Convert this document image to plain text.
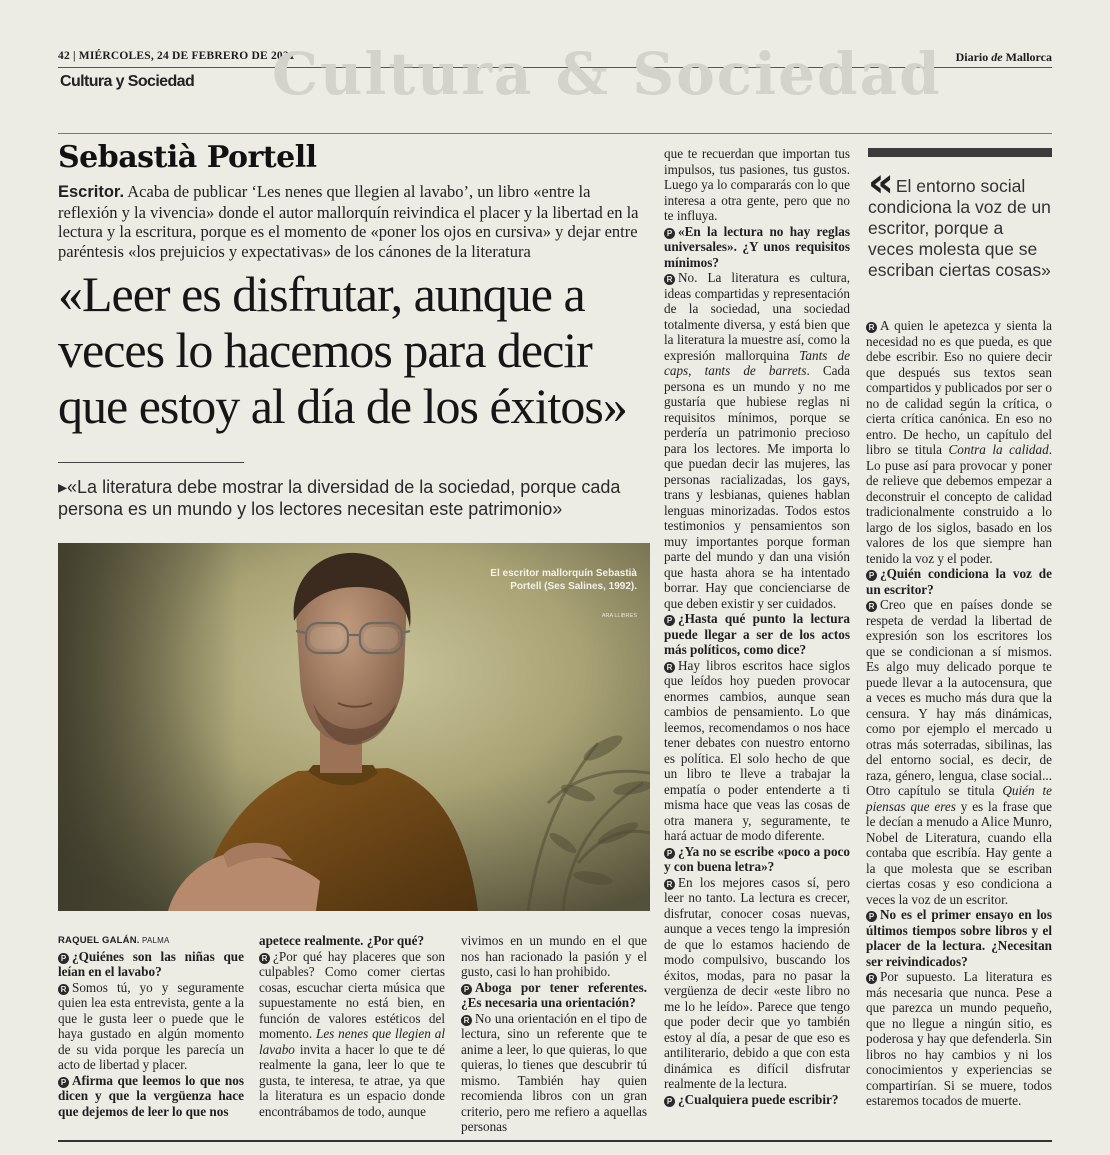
42 | MIÉRCOLES, 24 DE FEBRERO DE 2021	Diario de Mallorca
Cultura & Sociedad
Cultura y Sociedad
Sebastià Portell
Escritor. Acaba de publicar ‘Les nenes que llegien al lavabo’, un libro «entre la reflexión y la vivencia» donde el autor mallorquín reivindica el placer y la libertad en la lectura y la escritura, porque es el momento de «poner los ojos en cursiva» y dejar entre paréntesis «los prejuicios y expectativas» de los cánones de la literatura
«Leer es disfrutar, aunque a veces lo hacemos para decir que estoy al día de los éxitos»
▸«La literatura debe mostrar la diversidad de la sociedad, porque cada persona es un mundo y los lectores necesitan este patrimonio»
El escritor mallorquín Sebastià Portell (Ses Salines, 1992).
ARA LLIBRES
« El entorno social condiciona la voz de un escritor, porque a veces molesta que se escriban ciertas cosas»
RAQUEL GALÁN. PALMA

P ¿Quiénes son las niñas que leían en el lavabo?

R Somos tú, yo y seguramente quien lea esta entrevista, gente a la que le gusta leer o puede que le haya gustado en algún momento de su vida porque les parecía un acto de libertad y placer.

P Afirma que leemos lo que nos dicen y que la vergüenza hace que dejemos de leer lo que nos

apetece realmente. ¿Por qué?

R ¿Por qué hay placeres que son culpables? Como comer ciertas cosas, escuchar cierta música que supuestamente no está bien, en función de valores estéticos del momento. Les nenes que llegien al lavabo invita a hacer lo que te dé realmente la gana, leer lo que te gusta, te interesa, te atrae, ya que la literatura es un espacio donde encontrábamos de todo, aunque

vivimos en un mundo en el que nos han racionado la pasión y el gusto, casi lo han prohibido.

P Aboga por tener referentes. ¿Es necesaria una orientación?

R No una orientación en el tipo de lectura, sino un referente que te anime a leer, lo que quieras, lo que quieras, lo tienes que descubrir tú mismo. También hay quien recomienda libros con un gran criterio, pero me refiero a aquellas personas

que te recuerdan que importan tus impulsos, tus pasiones, tus gustos. Luego ya lo compararás con lo que interesa a otra gente, pero que no te influya.

P «En la lectura no hay reglas universales». ¿Y unos requisitos mínimos?

R No. La literatura es cultura, ideas compartidas y representación de la sociedad, una sociedad totalmente diversa, y está bien que la literatura la muestre así, como la expresión mallorquina Tants de caps, tants de barrets. Cada persona es un mundo y no me gustaría que hubiese reglas ni requisitos mínimos, porque se perdería un patrimonio precioso para los lectores. Me importa lo que puedan decir las mujeres, las personas racializadas, los gays, trans y lesbianas, quienes hablan lenguas minorizadas. Todos estos testimonios y pensamientos son muy importantes porque forman parte del mundo y dan una visión que hasta ahora se ha intentado borrar. Hay que concienciarse de que deben existir y ser cuidados.

P ¿Hasta qué punto la lectura puede llegar a ser de los actos más políticos, como dice?

R Hay libros escritos hace siglos que leídos hoy pueden provocar enormes cambios, aunque sean cambios de pensamiento. Lo que leemos, recomendamos o nos hace tener debates con nuestro entorno es política. El solo hecho de que un libro te lleve a trabajar la empatía o poder entenderte a ti misma hace que veas las cosas de otra manera y, seguramente, te hará actuar de modo diferente.

P ¿Ya no se escribe «poco a poco y con buena letra»?

R En los mejores casos sí, pero leer no tanto. La lectura es crecer, disfrutar, conocer cosas nuevas, aunque a veces tengo la impresión de que lo estamos haciendo de modo compulsivo, buscando los éxitos, modas, para no pasar la vergüenza de decir «este libro no me lo he leído». Parece que tengo que poder decir que yo también estoy al día, a pesar de que eso es antiliterario, debido a que con esta dinámica es difícil disfrutar realmente de la lectura.

P ¿Cualquiera puede escribir?

R A quien le apetezca y sienta la necesidad no es que pueda, es que debe escribir. Eso no quiere decir que después sus textos sean compartidos y publicados por ser o no de calidad según la crítica, o cierta crítica canónica. En eso no entro. De hecho, un capítulo del libro se titula Contra la calidad. Lo puse así para provocar y poner de relieve que debemos empezar a deconstruir el concepto de calidad tradicionalmente construido a lo largo de los siglos, basado en los valores de los que siempre han tenido la voz y el poder.

P ¿Quién condiciona la voz de un escritor?

R Creo que en países donde se respeta de verdad la libertad de expresión son los escritores los que se condicionan a sí mismos. Es algo muy delicado porque te puede llevar a la autocensura, que a veces es mucho más dura que la censura. Y hay más dinámicas, como por ejemplo el mercado u otras más soterradas, sibilinas, las del entorno social, es decir, de raza, género, lengua, clase social... Otro capítulo se titula Quién te piensas que eres y es la frase que le decían a menudo a Alice Munro, Nobel de Literatura, cuando ella contaba que escribía. Hay gente a la que molesta que se escriban ciertas cosas y eso condiciona a veces la voz de un escritor.

P No es el primer ensayo en los últimos tiempos sobre libros y el placer de la lectura. ¿Necesitan ser reivindicados?

R Por supuesto. La literatura es más necesaria que nunca. Pese a que parezca un mundo pequeño, que no llegue a ningún sitio, es poderosa y hay que defenderla. Sin libros no hay cambios y ni los conocimientos y experiencias se compartirían. Si se muere, todos estaremos tocados de muerte.
